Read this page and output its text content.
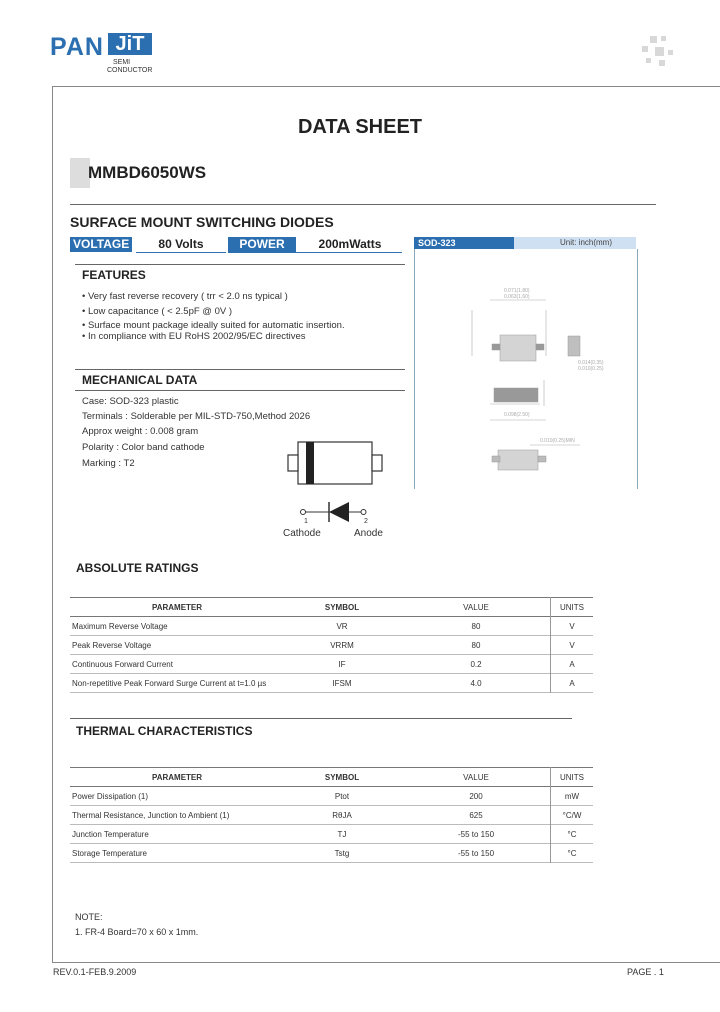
PAN JiT
SEMI
CONDUCTOR
DATA SHEET
MMBD6050WS
SURFACE MOUNT SWITCHING DIODES
VOLTAGE	80 Volts	POWER	200mWatts	SOD-323	Unit: inch(mm)
0.071(1.80)
0.063(1.60)
0.014(0.35)
0.010(0.25)
0.098(2.50)
0.010(0.25)MIN
FEATURES
• Very fast reverse recovery ( trr < 2.0 ns typical )
• Low capacitance ( < 2.5pF @ 0V )
• Surface mount package ideally suited for automatic insertion.
• In compliance with EU RoHS 2002/95/EC directives
MECHANICAL DATA
Case: SOD-323 plastic
Terminals : Solderable per MIL-STD-750,Method 2026
Approx weight : 0.008 gram
Polarity : Color band cathode
Marking : T2
1	2
Cathode	Anode
ABSOLUTE RATINGS
PARAMETER	SYMBOL	VALUE	UNITS
Maximum Reverse Voltage	VR	80	V
Peak Reverse Voltage	VRRM	80	V
Continuous Forward Current	IF	0.2	A
Non-repetitive Peak Forward Surge Current at t=1.0 µs	IFSM	4.0	A
THERMAL CHARACTERISTICS
PARAMETER	SYMBOL	VALUE	UNITS
Power Dissipation (1)	Ptot	200	mW
Thermal Resistance, Junction to Ambient (1)	RθJA	625	°C/W
Junction Temperature	TJ	-55 to 150	°C
Storage Temperature	Tstg	-55 to 150	°C
NOTE:
1. FR-4 Board=70 x 60 x 1mm.
REV.0.1-FEB.9.2009	PAGE . 1
